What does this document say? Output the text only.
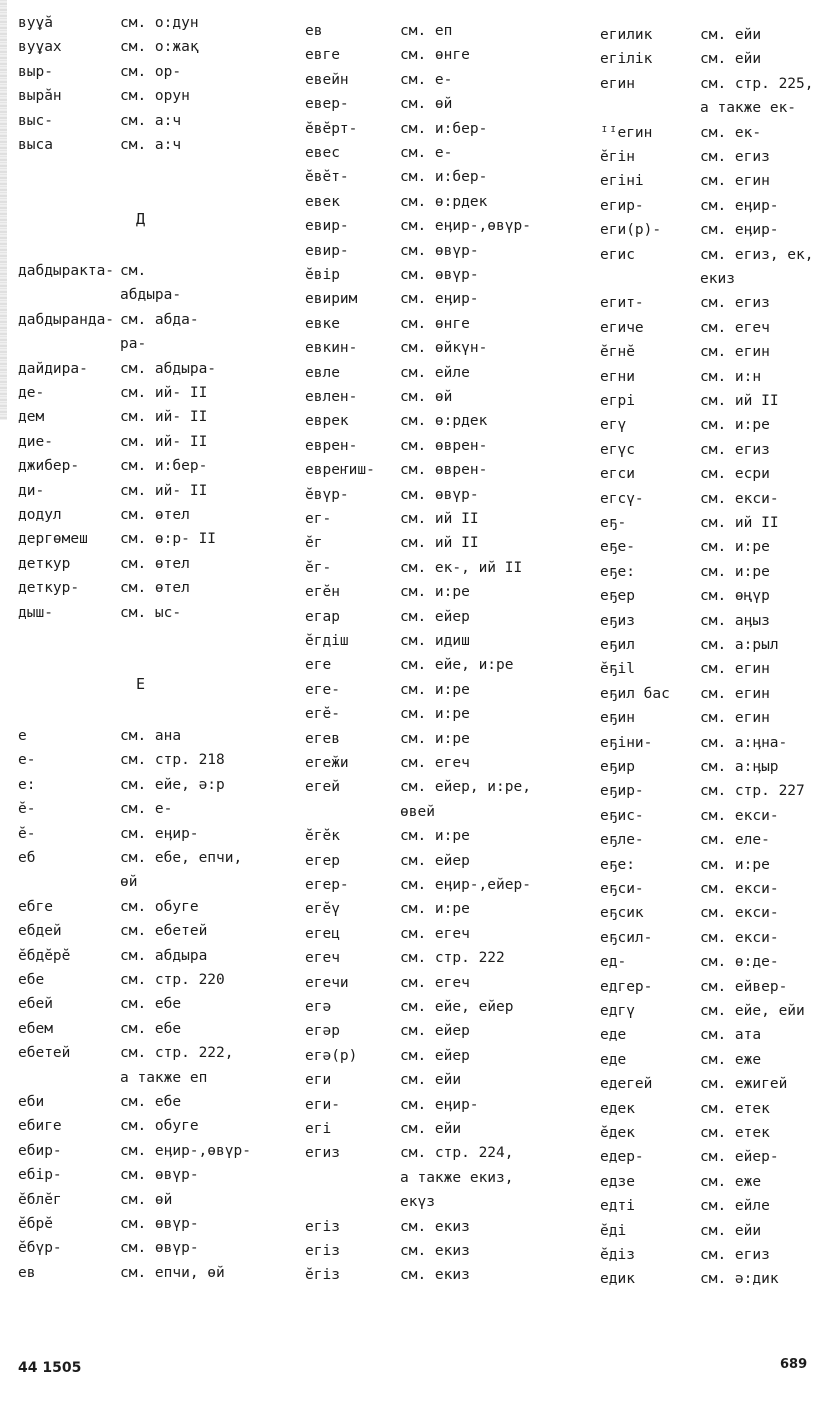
вуұӑ	см. о:дун
вуұах	см. о:жақ
выр-	см. ор-
вырӑн	см. орун
выс-	см. а:ч
выса	см. а:ч
Д
дабдыракта- см.
абдыра-
дабдыранда- см. абда-
ра-
дайдира- см. абдыра-
де-	см. ий- II
дем	см. ий- II
дие-	см. ий- II
джибер-	см. и:бер-
ди-	см. ий- II
додул	см. өтел
дергөмеш см. ө:р- II
деткур	см. өтел
деткур-	см. өтел
дыш-	см. ыс-
Е
е	см. ана
е-	см. стр. 218
е:	см. ейе, ә:р
ӗ-	см. е-
ӗ-	см. еӊир-
еб	см. ебе, епчи,
өй
ебге	см. обуге
ебдей	см. ебетей
ӗбдӗрӗ	см. абдыра
ебе	см. стр. 220
ебей	см. ебе
ебем	см. ебе
ебетей	см. стр. 222,
а также еп
еби	см. ебе
ебиге	см. обуге
ебир-	см. еӊир-,өвүр-
ебір-	см. өвүр-
ӗблӗг	см. өй
ӗбрӗ	см. өвүр-
ӗбүр-	см. өвүр-
ев	см. епчи, өй
ев	см. еп
евге	см. өнге
евейн	см. е-
евер-	см. өй
ӗвӗрт-	см. и:бер-
евес	см. е-
ӗвӗт-	см. и:бер-
евек	см. ө:рдек
евир-	см. еӊир-,өвүр-
евир-	см. өвүр-
ӗвір	см. өвүр-
евирим	см. еӊир-
евке	см. өнге
евкин-	см. өйкүн-
евле	см. ейле
евлен-	см. өй
еврек	см. ө:рдек
еврен-	см. өврен-
евреҥиш- см. өврен-
ӗвүр-	см. өвүр-
ег-	см. ий II
ӗг	см. ий II
ӗг-	см. ек-, ий II
егӗн	см. и:ре
егар	см. ейер
ӗгдіш	см. идиш
еге	см. ейе, и:ре
еге-	см. и:ре
егӗ-	см. и:ре
егев	см. и:ре
егеӂи	см. егеч
егей	см. ейер, и:ре,
өвей
ӗгӗк	см. и:ре
егер	см. ейер
егер-	см. еӊир-,ейер-
егӗү	см. и:ре
егец	см. егеч
егеч	см. стр. 222
егечи	см. егеч
егә	см. ейе, ейер
егәр	см. ейер
егә(р)	см. ейер
еги	см. ейи
еги-	см. еӊир-
егі	см. ейи
егиз	см. стр. 224,
а также екиз,
екүз
егіз	см. екиз
егіз	см. екиз
ӗгіз	см. екиз
егилик	см. ейи
егілік	см. ейи
егин	см. стр. 225,
а также ек-
ᴵᴵегин	см. ек-
ӗгін	см. егиз
егіні	см. егин
егир-	см. еӊир-
еги(р)-	см. еӊир-
егис	см. егиз, ек,
екиз
егит-	см. егиз
егиче	см. егеч
ӗгнӗ	см. егин
егни	см. и:н
егрі	см. ий II
егү	см. и:ре
егүс	см. егиз
егси	см. есри
егсү-	см. екси-
еҕ-	см. ий II
еҕе-	см. и:ре
еҕе:	см. и:ре
еҕер	см. өңүр
еҕиз	см. аӊыз
еҕил	см. а:рыл
ӗҕіl	см. егин
еҕил бас см. егин
еҕин	см. егин
еҕіни-	см. а:ӊна-
еҕир	см. а:ӊыр
еҕир-	см. стр. 227
еҕис-	см. екси-
еҕле-	см. еле-
еҕе:	см. и:ре
еҕси-	см. екси-
еҕсик	см. екси-
еҕсил-	см. екси-
ед-	см. ө:де-
едгер-	см. ейвер-
едгү	см. ейе, ейи
еде	см. ата
еде	см. еже
едегей	см. ежигей
едек	см. етек
ӗдек	см. етек
едер-	см. ейер-
едзе	см. еже
едті	см. ейле
ӗді	см. ейи
ӗдіз	см. егиз
едик	см. ә:дик
44 1505	689
